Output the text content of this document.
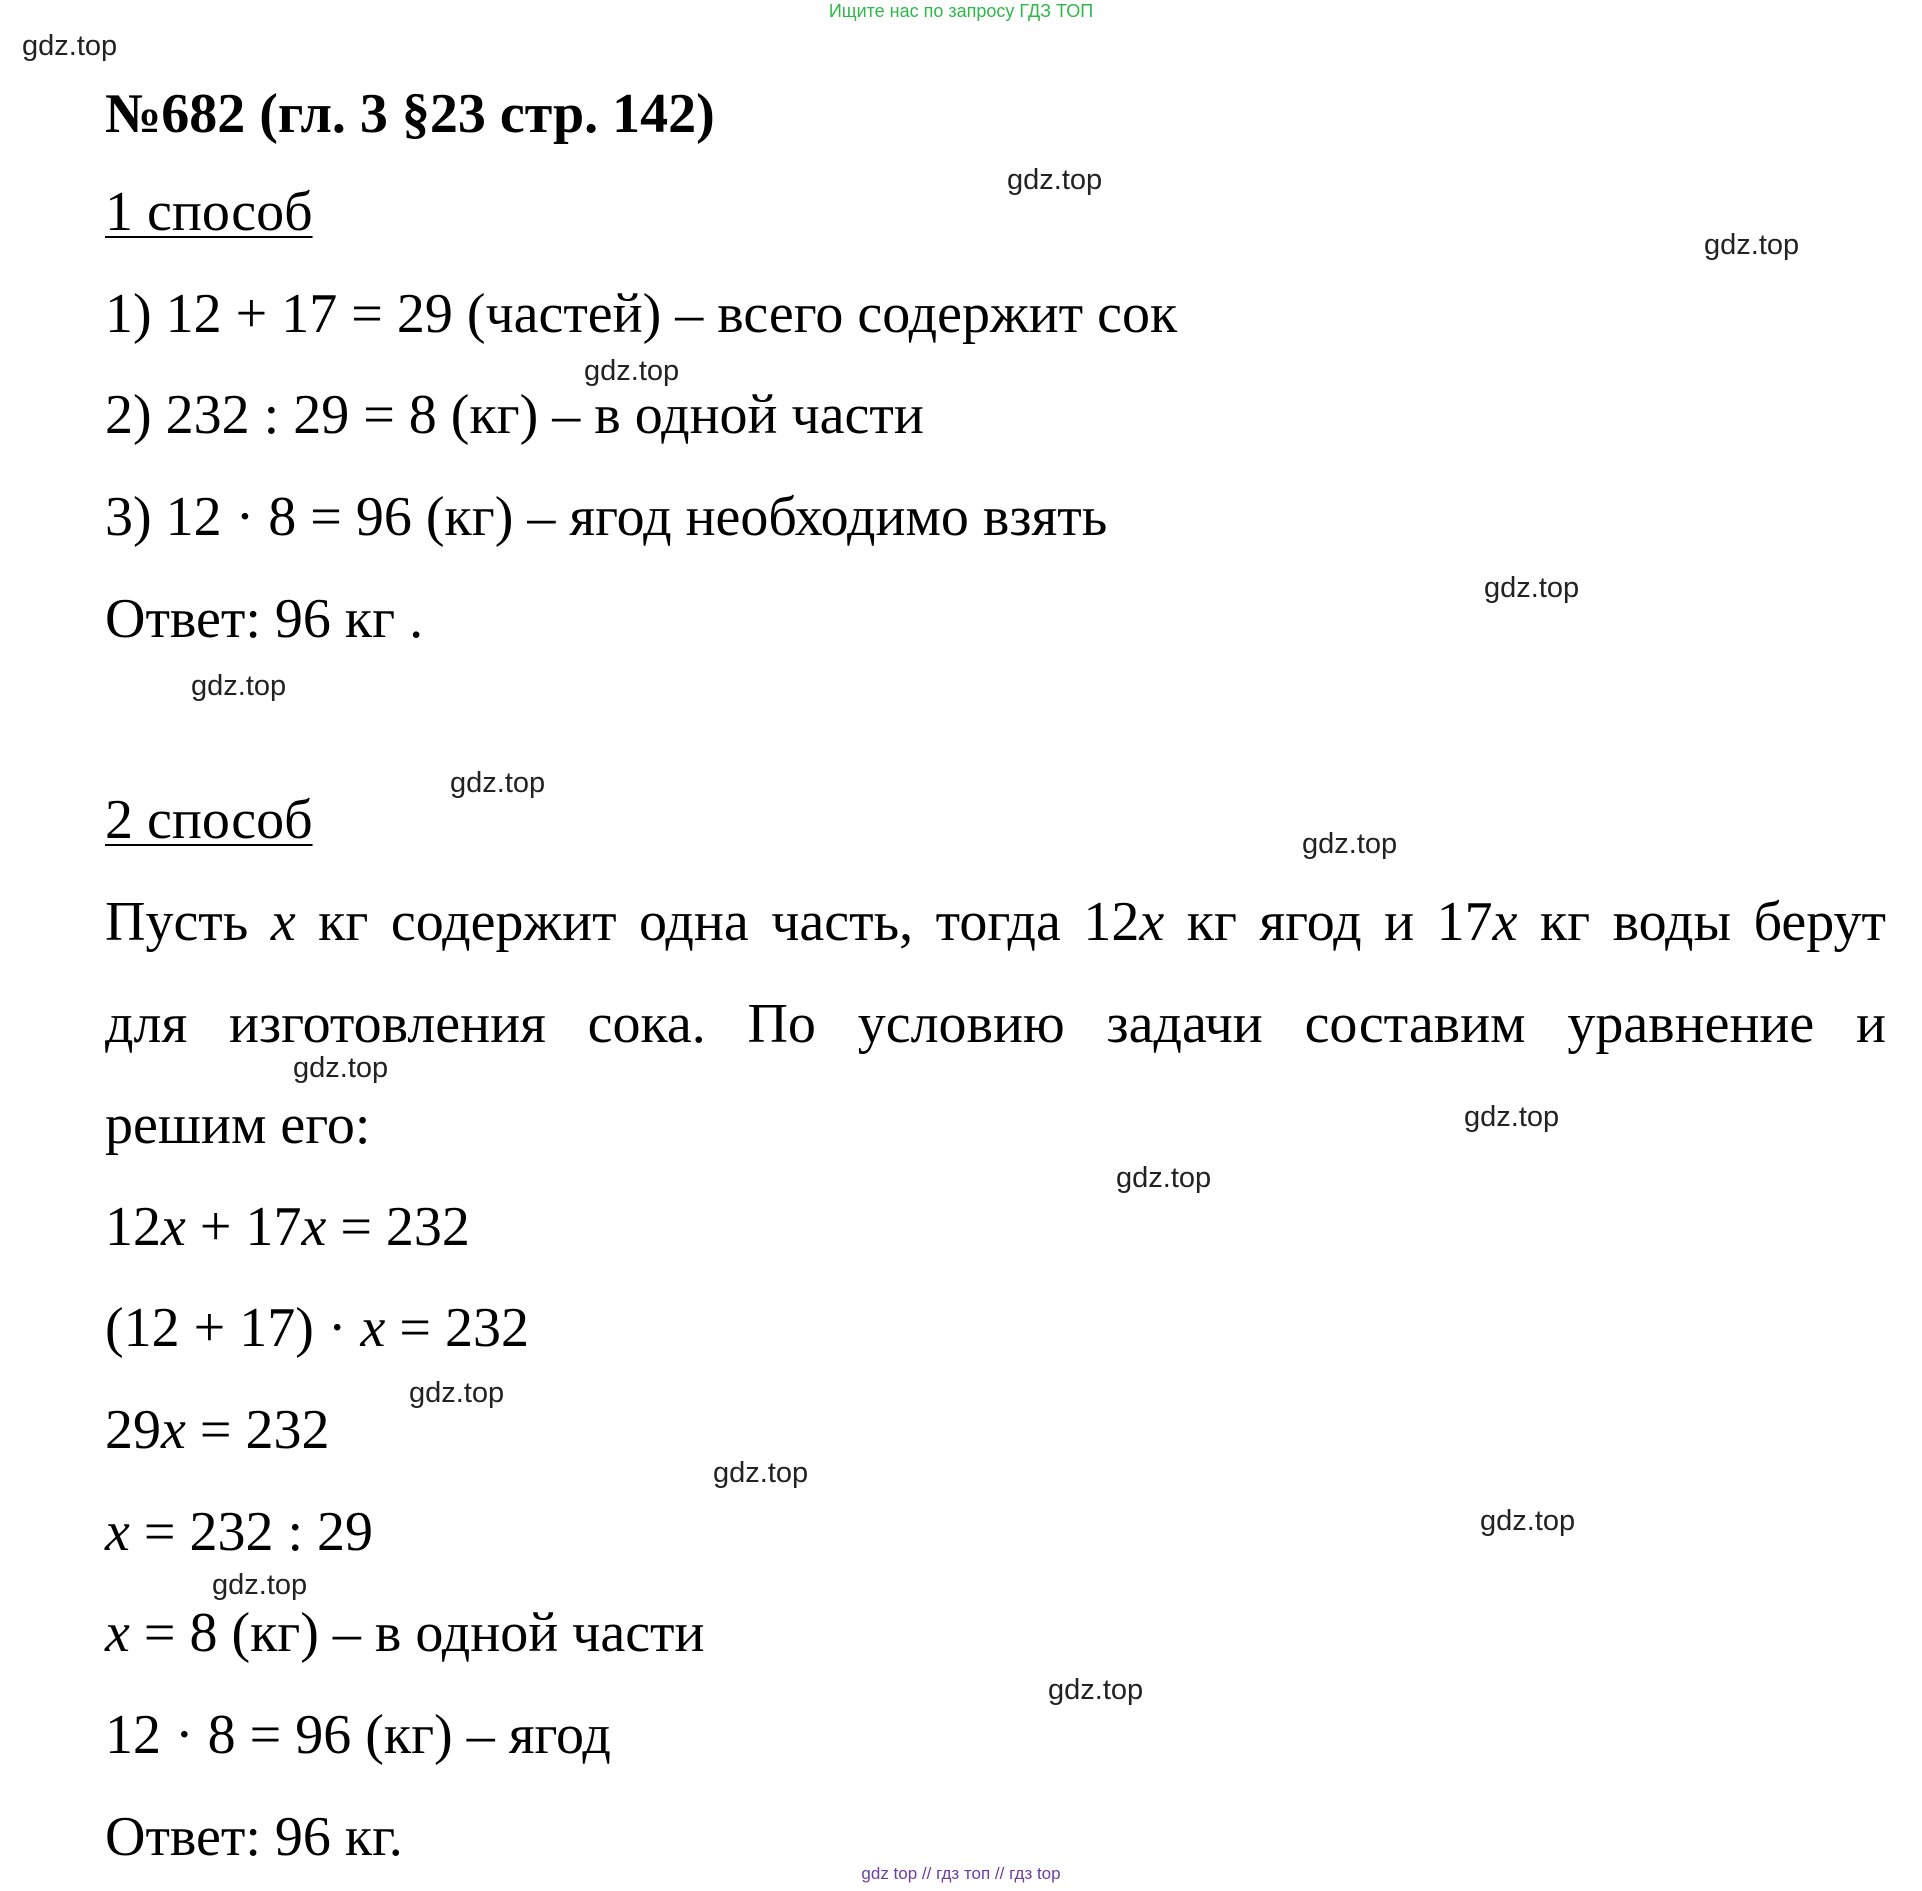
Ищите нас по запросу ГДЗ ТОП
gdz.top
gdz.top
gdz.top
gdz.top
gdz.top
gdz.top
gdz.top
gdz.top
gdz.top
gdz.top
gdz.top
gdz.top
gdz.top
gdz.top
gdz.top
gdz.top
№682 (гл. 3 §23 стр. 142)
1 способ
1) 12 + 17 = 29 (частей) – всего содержит сок
2) 232 : 29 = 8 (кг) – в одной части
3) 12 · 8 = 96 (кг) – ягод необходимо взять
Ответ: 96 кг .
2 способ
Пусть x кг содержит одна часть, тогда 12x кг ягод и 17x кг воды берут
для изготовления сока. По условию задачи составим уравнение и
решим его:
12x + 17x = 232
(12 + 17) · x = 232
29x = 232
x = 232 : 29
x = 8 (кг) – в одной части
12 · 8 = 96 (кг) – ягод
Ответ: 96 кг.
gdz top // гдз топ // гдз top
